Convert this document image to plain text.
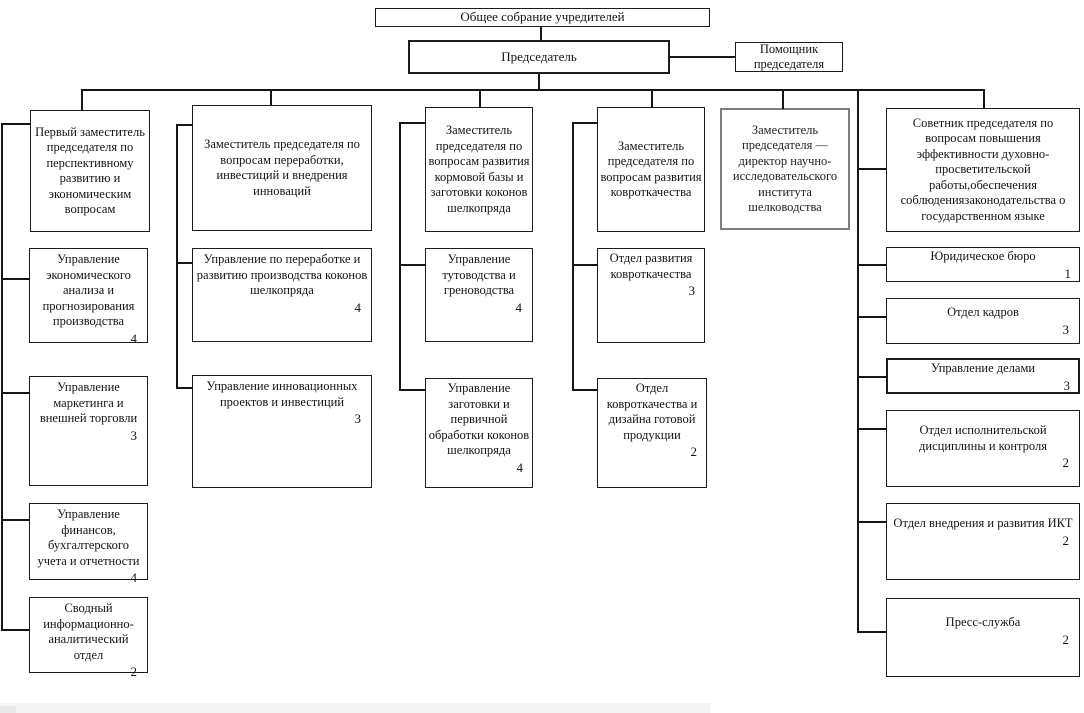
Общее собрание учредителей
Председатель
Помощник председателя
Первый заместитель председателя по перспективному развитию и экономическим вопросам
Управление экономического анализа и прогнозирования производства
4
Управление маркетинга и внешней торговли
3
Управление финансов, бухгалтерского учета и отчетности
4
Сводный информационно-аналитический отдел
2
Заместитель председателя по вопросам переработки, инвестиций и внедрения инноваций
Управление по переработке и развитию производства коконов шелкопряда
4
Управление инновационных проектов и инвестиций
3
Заместитель председателя по вопросам развития кормовой базы и заготовки коконов шелкопряда
Управление тутоводства и греноводства
4
Управление заготовки и первичной обработки коконов шелкопряда
4
Заместитель председателя по вопросам развития ковроткачества
Отдел развития ковроткачества
3
Отдел ковроткачества и дизайна готовой продукции
2
Заместитель председателя — директор научно-исследовательского института шелководства
Советник председателя по вопросам повышения эффективности духовно-просветительской работы,обеспечения соблюдениязаконодательства о государственном языке
Юридическое бюро
1
Отдел кадров
3
Управление делами
3
Отдел исполнительской дисциплины и контроля
2
Отдел внедрения и развития ИКТ
2
Пресс-служба
2
